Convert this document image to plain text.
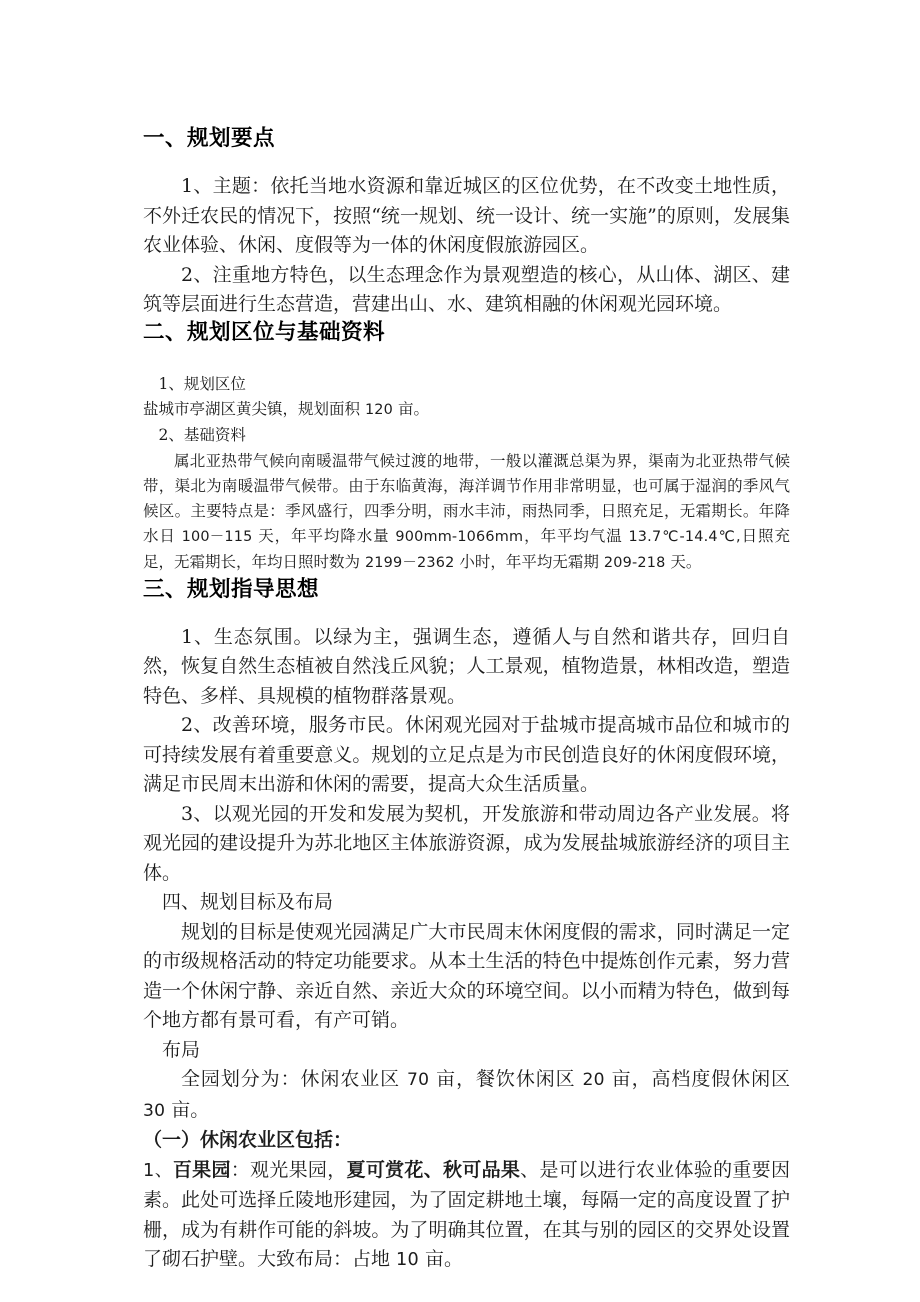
一、规划要点

1、主题：依托当地水资源和靠近城区的区位优势，在不改变土地性质，不外迁农民的情况下，按照“统一规划、统一设计、统一实施”的原则，发展集农业体验、休闲、度假等为一体的休闲度假旅游园区。

2、注重地方特色，以生态理念作为景观塑造的核心，从山体、湖区、建筑等层面进行生态营造，营建出山、水、建筑相融的休闲观光园环境。

二、规划区位与基础资料

1、规划区位

盐城市亭湖区黄尖镇，规划面积 120 亩。

2、基础资料

属北亚热带气候向南暖温带气候过渡的地带，一般以灌溉总渠为界，渠南为北亚热带气候带，渠北为南暖温带气候带。由于东临黄海，海洋调节作用非常明显，也可属于湿润的季风气候区。主要特点是：季风盛行，四季分明，雨水丰沛，雨热同季，日照充足，无霜期长。年降水日 100－115 天，年平均降水量 900mm-1066mm，年平均气温 13.7℃-14.4℃,日照充足，无霜期长，年均日照时数为 2199－2362 小时，年平均无霜期 209-218 天。

三、规划指导思想

1、生态氛围。以绿为主，强调生态，遵循人与自然和谐共存，回归自然，恢复自然生态植被自然浅丘风貌；人工景观，植物造景，林相改造，塑造特色、多样、具规模的植物群落景观。

2、改善环境，服务市民。休闲观光园对于盐城市提高城市品位和城市的可持续发展有着重要意义。规划的立足点是为市民创造良好的休闲度假环境，满足市民周末出游和休闲的需要，提高大众生活质量。

3、以观光园的开发和发展为契机，开发旅游和带动周边各产业发展。将观光园的建设提升为苏北地区主体旅游资源，成为发展盐城旅游经济的项目主体。

四、规划目标及布局

规划的目标是使观光园满足广大市民周末休闲度假的需求，同时满足一定的市级规格活动的特定功能要求。从本土生活的特色中提炼创作元素，努力营造一个休闲宁静、亲近自然、亲近大众的环境空间。以小而精为特色，做到每个地方都有景可看，有产可销。

布局

全园划分为：休闲农业区 70 亩，餐饮休闲区 20 亩，高档度假休闲区 30 亩。

（一）休闲农业区包括：

1、百果园：观光果园，夏可赏花、秋可品果、是可以进行农业体验的重要因素。此处可选择丘陵地形建园，为了固定耕地土壤，每隔一定的高度设置了护栅，成为有耕作可能的斜坡。为了明确其位置，在其与别的园区的交界处设置了砌石护壁。大致布局：占地 10 亩。
